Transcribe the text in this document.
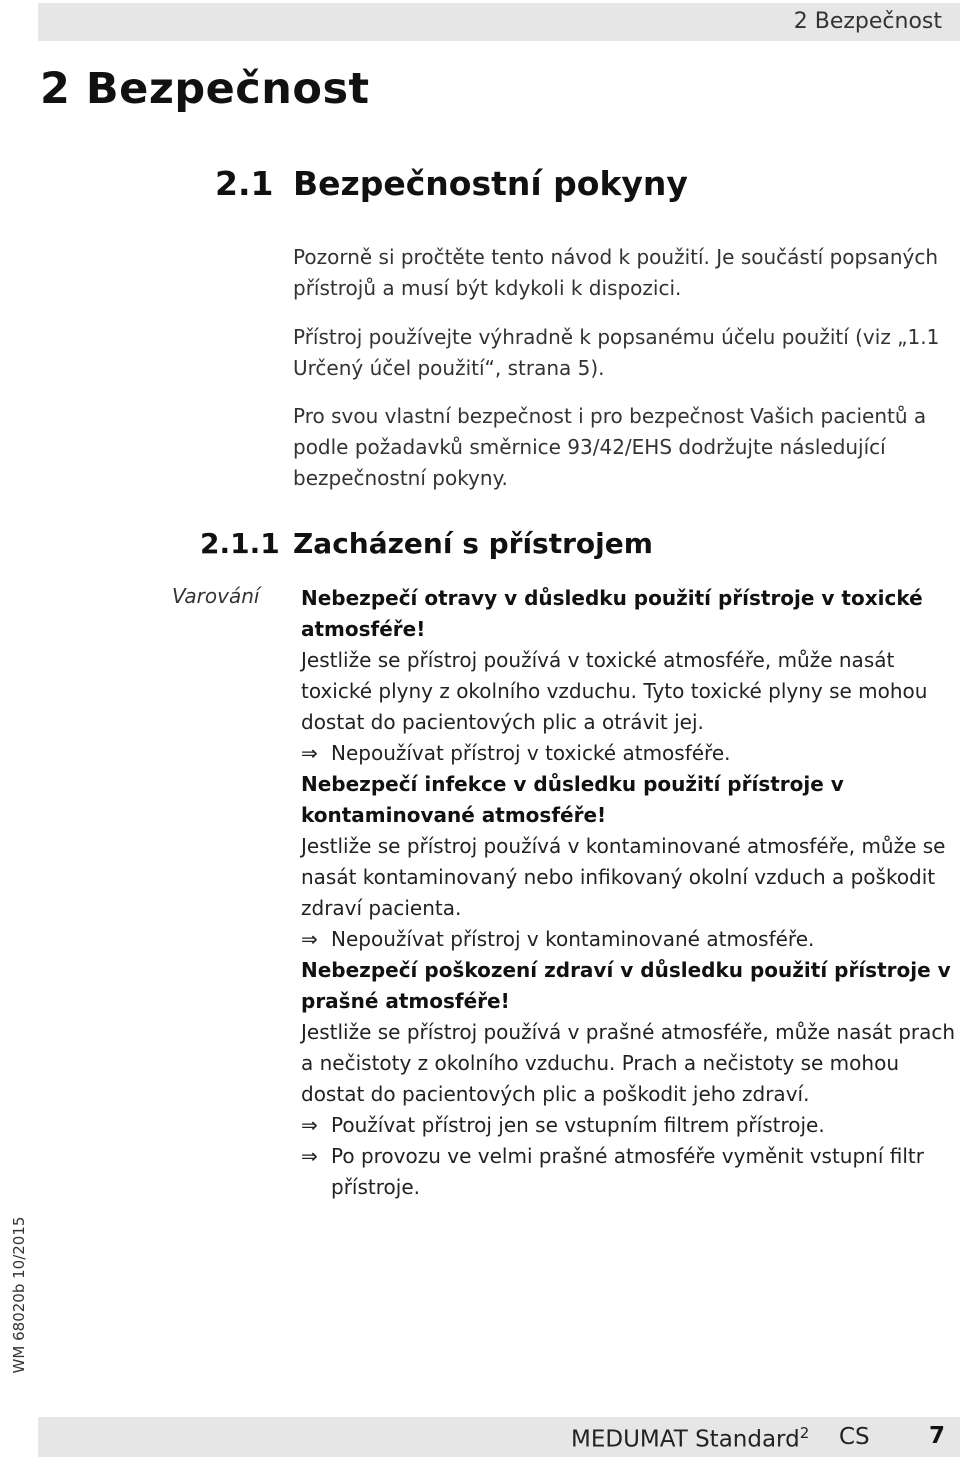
2 Bezpečnost
2 Bezpečnost
2.1 Bezpečnostní pokyny

Pozorně si pročtěte tento návod k použití. Je součástí popsaných přístrojů a musí být kdykoli k dispozici.

Přístroj používejte výhradně k popsanému účelu použití (viz „1.1 Určený účel použití“, strana 5).

Pro svou vlastní bezpečnost i pro bezpečnost Vašich pacientů a podle požadavků směrnice 93/42/EHS dodržujte následující bezpečnostní pokyny.

2.1.1 Zacházení s přístrojem
Varování Nebezpečí otravy v důsledku použití přístroje v toxické atmosféře!

Jestliže se přístroj používá v toxické atmosféře, může nasát toxické plyny z okolního vzduchu. Tyto toxické plyny se mohou dostat do pacientových plic a otrávit jej.

⇒ Nepoužívat přístroj v toxické atmosféře.

Nebezpečí infekce v důsledku použití přístroje v kontaminované atmosféře!

Jestliže se přístroj používá v kontaminované atmosféře, může se nasát kontaminovaný nebo infikovaný okolní vzduch a poškodit zdraví pacienta.

⇒ Nepoužívat přístroj v kontaminované atmosféře.

Nebezpečí poškození zdraví v důsledku použití přístroje v prašné atmosféře!

Jestliže se přístroj používá v prašné atmosféře, může nasát prach a nečistoty z okolního vzduchu. Prach a nečistoty se mohou dostat do pacientových plic a poškodit jeho zdraví.

⇒ Používat přístroj jen se vstupním filtrem přístroje.

⇒ Po provozu ve velmi prašné atmosféře vyměnit vstupní filtr přístroje.

WM 68020b 10/2015
MEDUMAT Standard$^2$ CS	7
